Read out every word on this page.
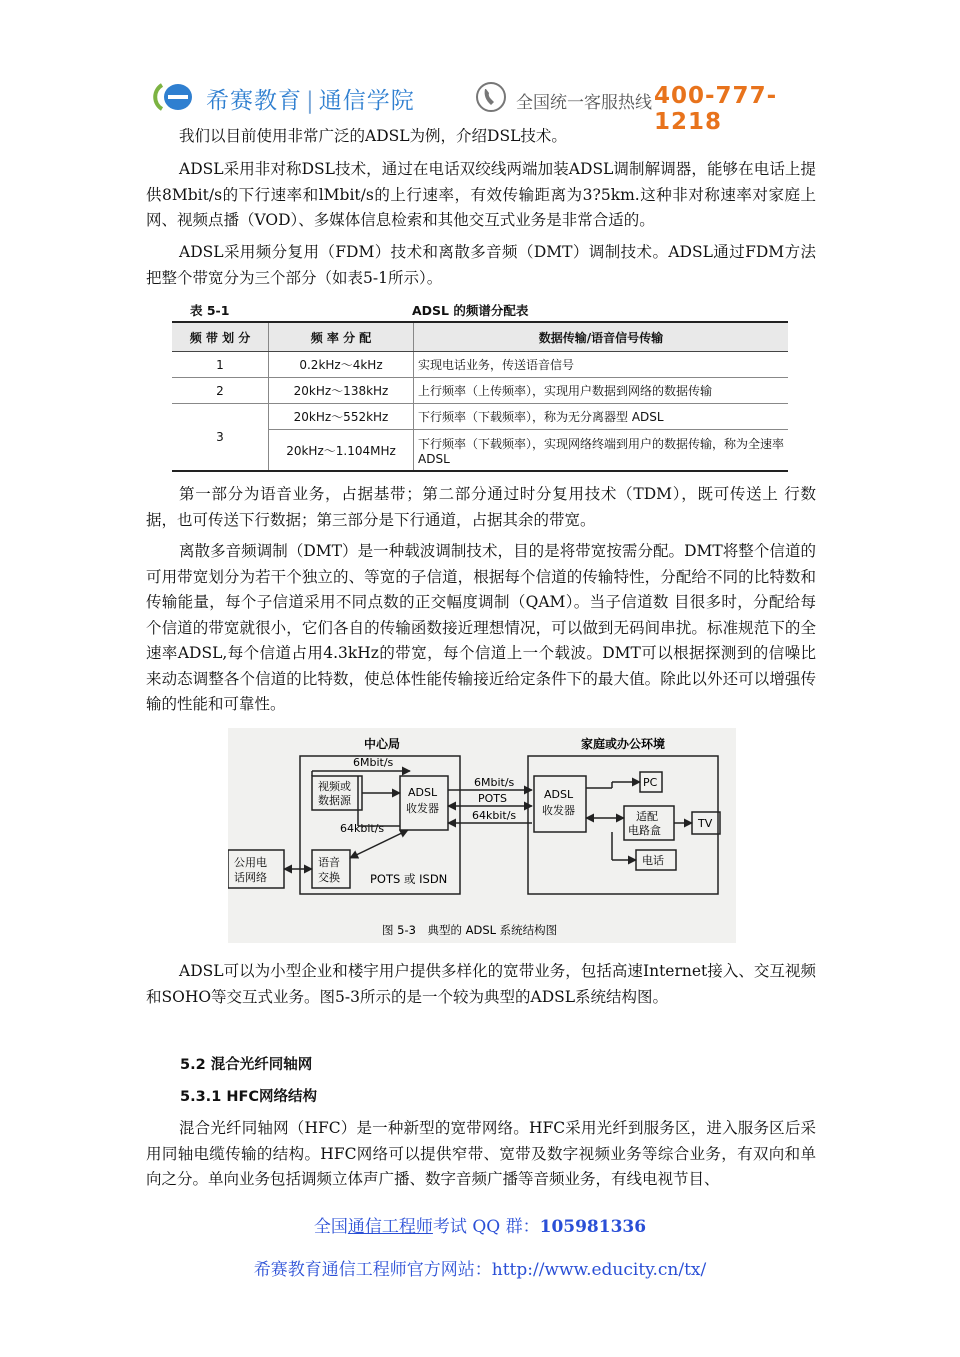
希赛教育 | 通信学院	全国统一客服热线 400-777-1218
我们以目前使用非常广泛的ADSL为例，介绍DSL技术。
ADSL采用非对称DSL技术，通过在电话双绞线两端加装ADSL调制解调器，能够在电话上提供8Mbit/s的下行速率和lMbit/s的上行速率，有效传输距离为3?5km.这种非对称速率对家庭上网、视频点播（VOD）、多媒体信息检索和其他交互式业务是非常合适的。
ADSL采用频分复用（FDM）技术和离散多音频（DMT）调制技术。ADSL通过FDM方法把整个带宽分为三个部分（如表5-1所示）。
表 5-1	ADSL 的频谱分配表
频 带 划 分	频 率 分 配	数据传输/语音信号传输
1	0.2kHz～4kHz	实现电话业务，传送语音信号
2	20kHz～138kHz	上行频率（上传频率），实现用户数据到网络的数据传输
3	20kHz～552kHz	下行频率（下载频率），称为无分离器型 ADSL
	20kHz～1.104MHz	下行频率（下载频率），实现网络终端到用户的数据传输，称为全速率 ADSL
第一部分为语音业务，占据基带；第二部分通过时分复用技术（TDM），既可传送上 行数据，也可传送下行数据；第三部分是下行通道，占据其余的带宽。
离散多音频调制（DMT）是一种载波调制技术，目的是将带宽按需分配。DMT将整个信道的可用带宽划分为若干个独立的、等宽的子信道，根据每个信道的传输特性，分配给不同的比特数和传输能量，每个子信道采用不同点数的正交幅度调制（QAM）。当子信道数 目很多时，分配给每个信道的带宽就很小，它们各自的传输函数接近理想情况，可以做到无码间串扰。标准规范下的全速率ADSL,每个信道占用4.3kHz的带宽，每个信道上一个载波。DMT可以根据探测到的信噪比来动态调整各个信道的比特数，使总体性能传输接近给定条件下的最大值。除此以外还可以增强传输的性能和可靠性。
中心局	家庭或办公环境
6Mbit/s
视频或
数据源
ADSL
收发器
6Mbit/s
POTS
64kbit/s
64kbit/s
公用电
话网络
语音
交换	POTS 或 ISDN
ADSL
收发器
PC
适配
电路盒
TV
电话
图 5-3　典型的 ADSL 系统结构图
ADSL可以为小型企业和楼宇用户提供多样化的宽带业务，包括高速Internet接入、交互视频和SOHO等交互式业务。图5-3所示的是一个较为典型的ADSL系统结构图。
5.2 混合光纤同轴网
5.3.1 HFC网络结构
混合光纤同轴网（HFC）是一种新型的宽带网络。HFC采用光纤到服务区，进入服务区后采用同轴电缆传输的结构。HFC网络可以提供窄带、宽带及数字视频业务等综合业务，有双向和单向之分。单向业务包括调频立体声广播、数字音频广播等音频业务，有线电视节目、
全国通信工程师考试 QQ 群：105981336
希赛教育通信工程师官方网站：http://www.educity.cn/tx/
